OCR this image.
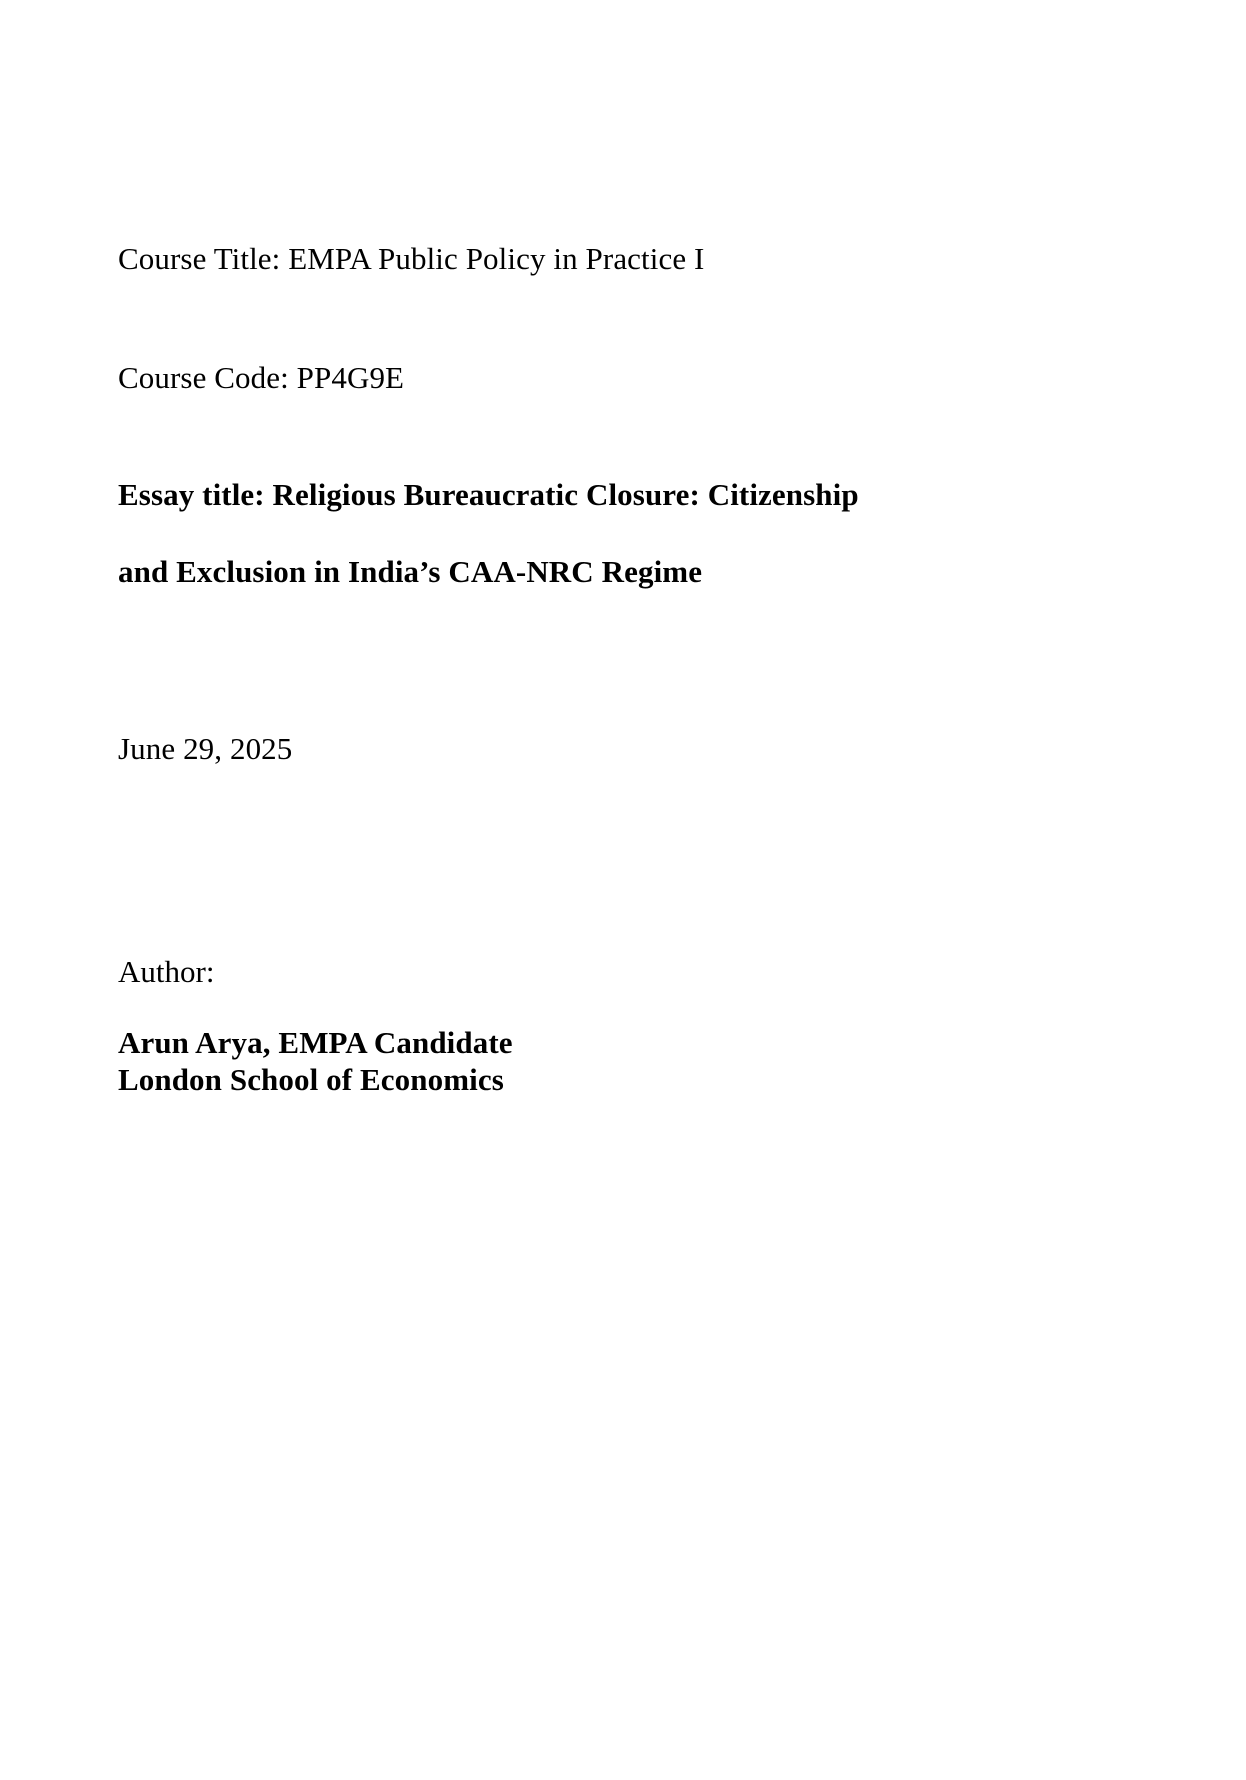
Course Title: EMPA Public Policy in Practice I
Course Code: PP4G9E
Essay title: Religious Bureaucratic Closure: Citizenship
and Exclusion in India’s CAA-NRC Regime
June 29, 2025
Author:
Arun Arya, EMPA Candidate
London School of Economics
